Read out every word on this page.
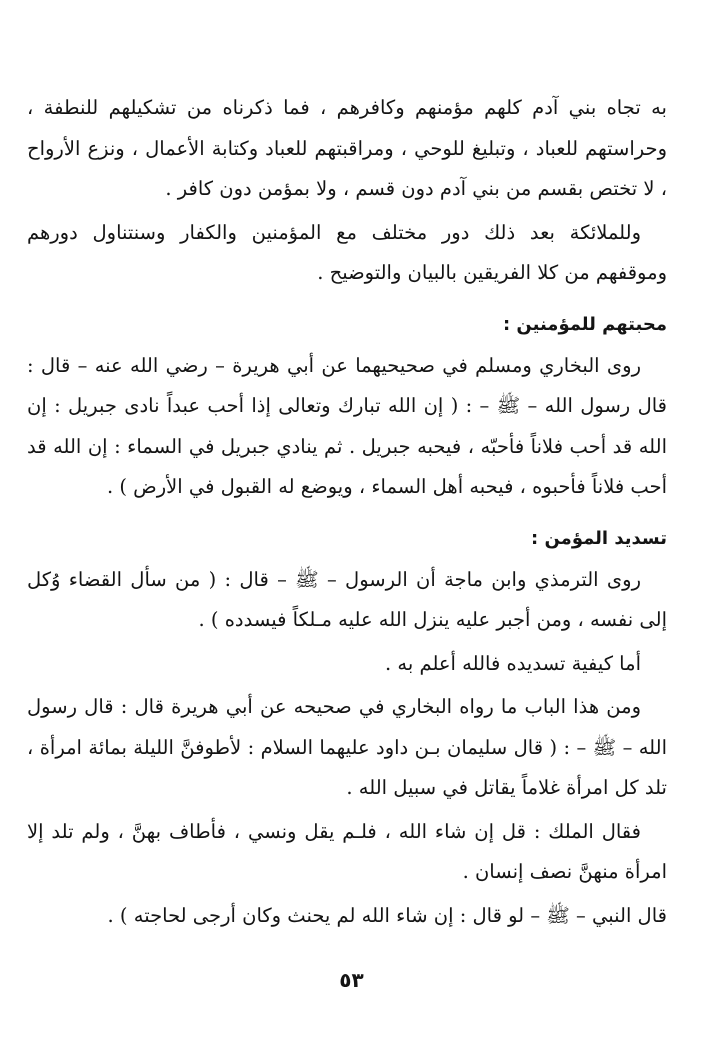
به تجاه بني آدم كلهم مؤمنهم وكافرهم ، فما ذكرناه من تشكيلهم للنطفة ، وحراستهم للعباد ، وتبليغ للوحي ، ومراقبتهم للعباد وكتابة الأعمال ، ونزع الأرواح ، لا تختص بقسم من بني آدم دون قسم ، ولا بمؤمن دون كافر .

وللملائكة بعد ذلك دور مختلف مع المؤمنين والكفار وسنتناول دورهم وموقفهم من كلا الفريقين بالبيان والتوضيح .

محبتهم للمؤمنين :

روى البخاري ومسلم في صحيحيهما عن أبي هريرة – رضي الله عنه – قال : قال رسول الله – ﷺ – : ( إن الله تبارك وتعالى إذا أحب عبداً نادى جبريل : إن الله قد أحب فلاناً فأحبّه ، فيحبه جبريل . ثم ينادي جبريل في السماء : إن الله قد أحب فلاناً فأحبوه ، فيحبه أهل السماء ، ويوضع له القبول في الأرض ) .

تسديد المؤمن :

روى الترمذي وابن ماجة أن الرسول – ﷺ – قال : ( من سأل القضاء وُكل إلى نفسه ، ومن أجبر عليه ينزل الله عليه مـلكاً فيسدده ) .

أما كيفية تسديده فالله أعلم به .

ومن هذا الباب ما رواه البخاري في صحيحه عن أبي هريرة قال : قال رسول الله – ﷺ – : ( قال سليمان بـن داود عليهما السلام : لأطوفنَّ الليلة بمائة امرأة ، تلد كل امرأة غلاماً يقاتل في سبيل الله .

فقال الملك : قل إن شاء الله ، فلـم يقل ونسي ، فأطاف بهنَّ ، ولم تلد إلا امرأة منهنَّ نصف إنسان .

قال النبي – ﷺ – لو قال : إن شاء الله لم يحنث وكان أرجى لحاجته ) .

٥٣
